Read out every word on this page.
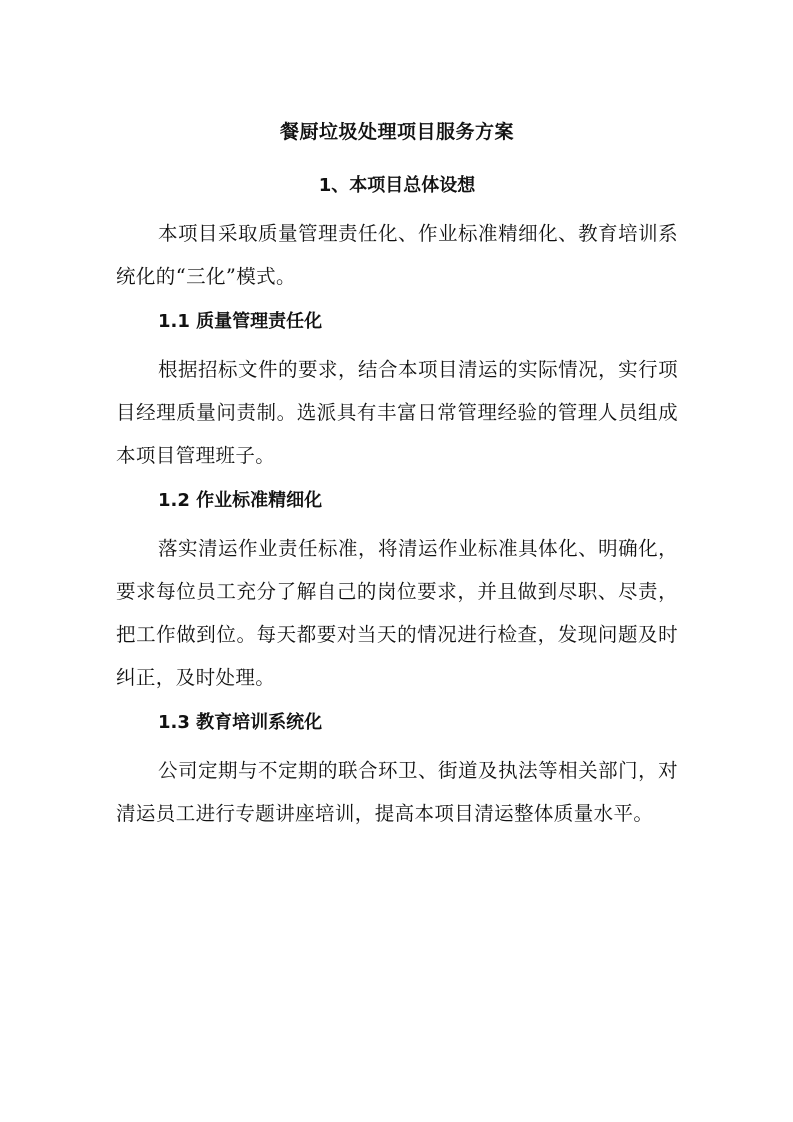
餐厨垃圾处理项目服务方案
1、本项目总体设想
本项目采取质量管理责任化、作业标准精细化、教育培训系统化的“三化”模式。
1.1 质量管理责任化
根据招标文件的要求，结合本项目清运的实际情况，实行项目经理质量问责制。选派具有丰富日常管理经验的管理人员组成本项目管理班子。
1.2 作业标准精细化
落实清运作业责任标准，将清运作业标准具体化、明确化，要求每位员工充分了解自己的岗位要求，并且做到尽职、尽责，把工作做到位。每天都要对当天的情况进行检查，发现问题及时纠正，及时处理。
1.3 教育培训系统化
公司定期与不定期的联合环卫、街道及执法等相关部门，对清运员工进行专题讲座培训，提高本项目清运整体质量水平。
